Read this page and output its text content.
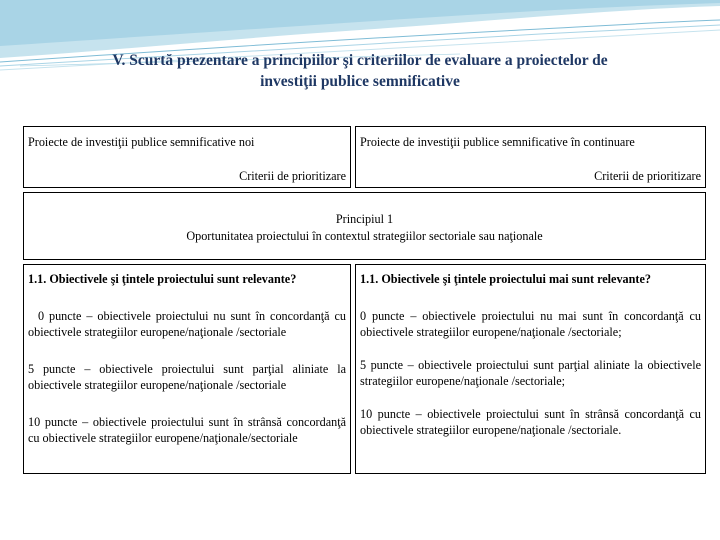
V. Scurtă prezentare a principiilor şi criteriilor de evaluare a proiectelor de
investiţii publice semnificative

Proiecte de investiţii publice semnificative noi

Criterii de prioritizare

Proiecte de investiţii publice semnificative în continuare

Criterii de prioritizare

Principiul 1

Oportunitatea proiectului în contextul strategiilor sectoriale sau naţionale

1.1. Obiectivele şi ţintele proiectului sunt relevante?

0 puncte – obiectivele proiectului nu sunt în concordanţă cu obiectivele strategiilor europene/naţionale /sectoriale

5 puncte – obiectivele proiectului sunt parţial aliniate la obiectivele strategiilor europene/naţionale /sectoriale

10 puncte – obiectivele proiectului sunt în strânsă concordanţă cu obiectivele strategiilor europene/naţionale/sectoriale

1.1. Obiectivele şi ţintele proiectului mai sunt relevante?

0 puncte – obiectivele proiectului nu mai sunt în concordanţă cu obiectivele strategiilor europene/naţionale /sectoriale;

5 puncte – obiectivele proiectului sunt parţial aliniate la obiectivele strategiilor europene/naţionale /sectoriale;

10 puncte – obiectivele proiectului sunt în strânsă concordanţă cu obiectivele strategiilor europene/naţionale /sectoriale.
